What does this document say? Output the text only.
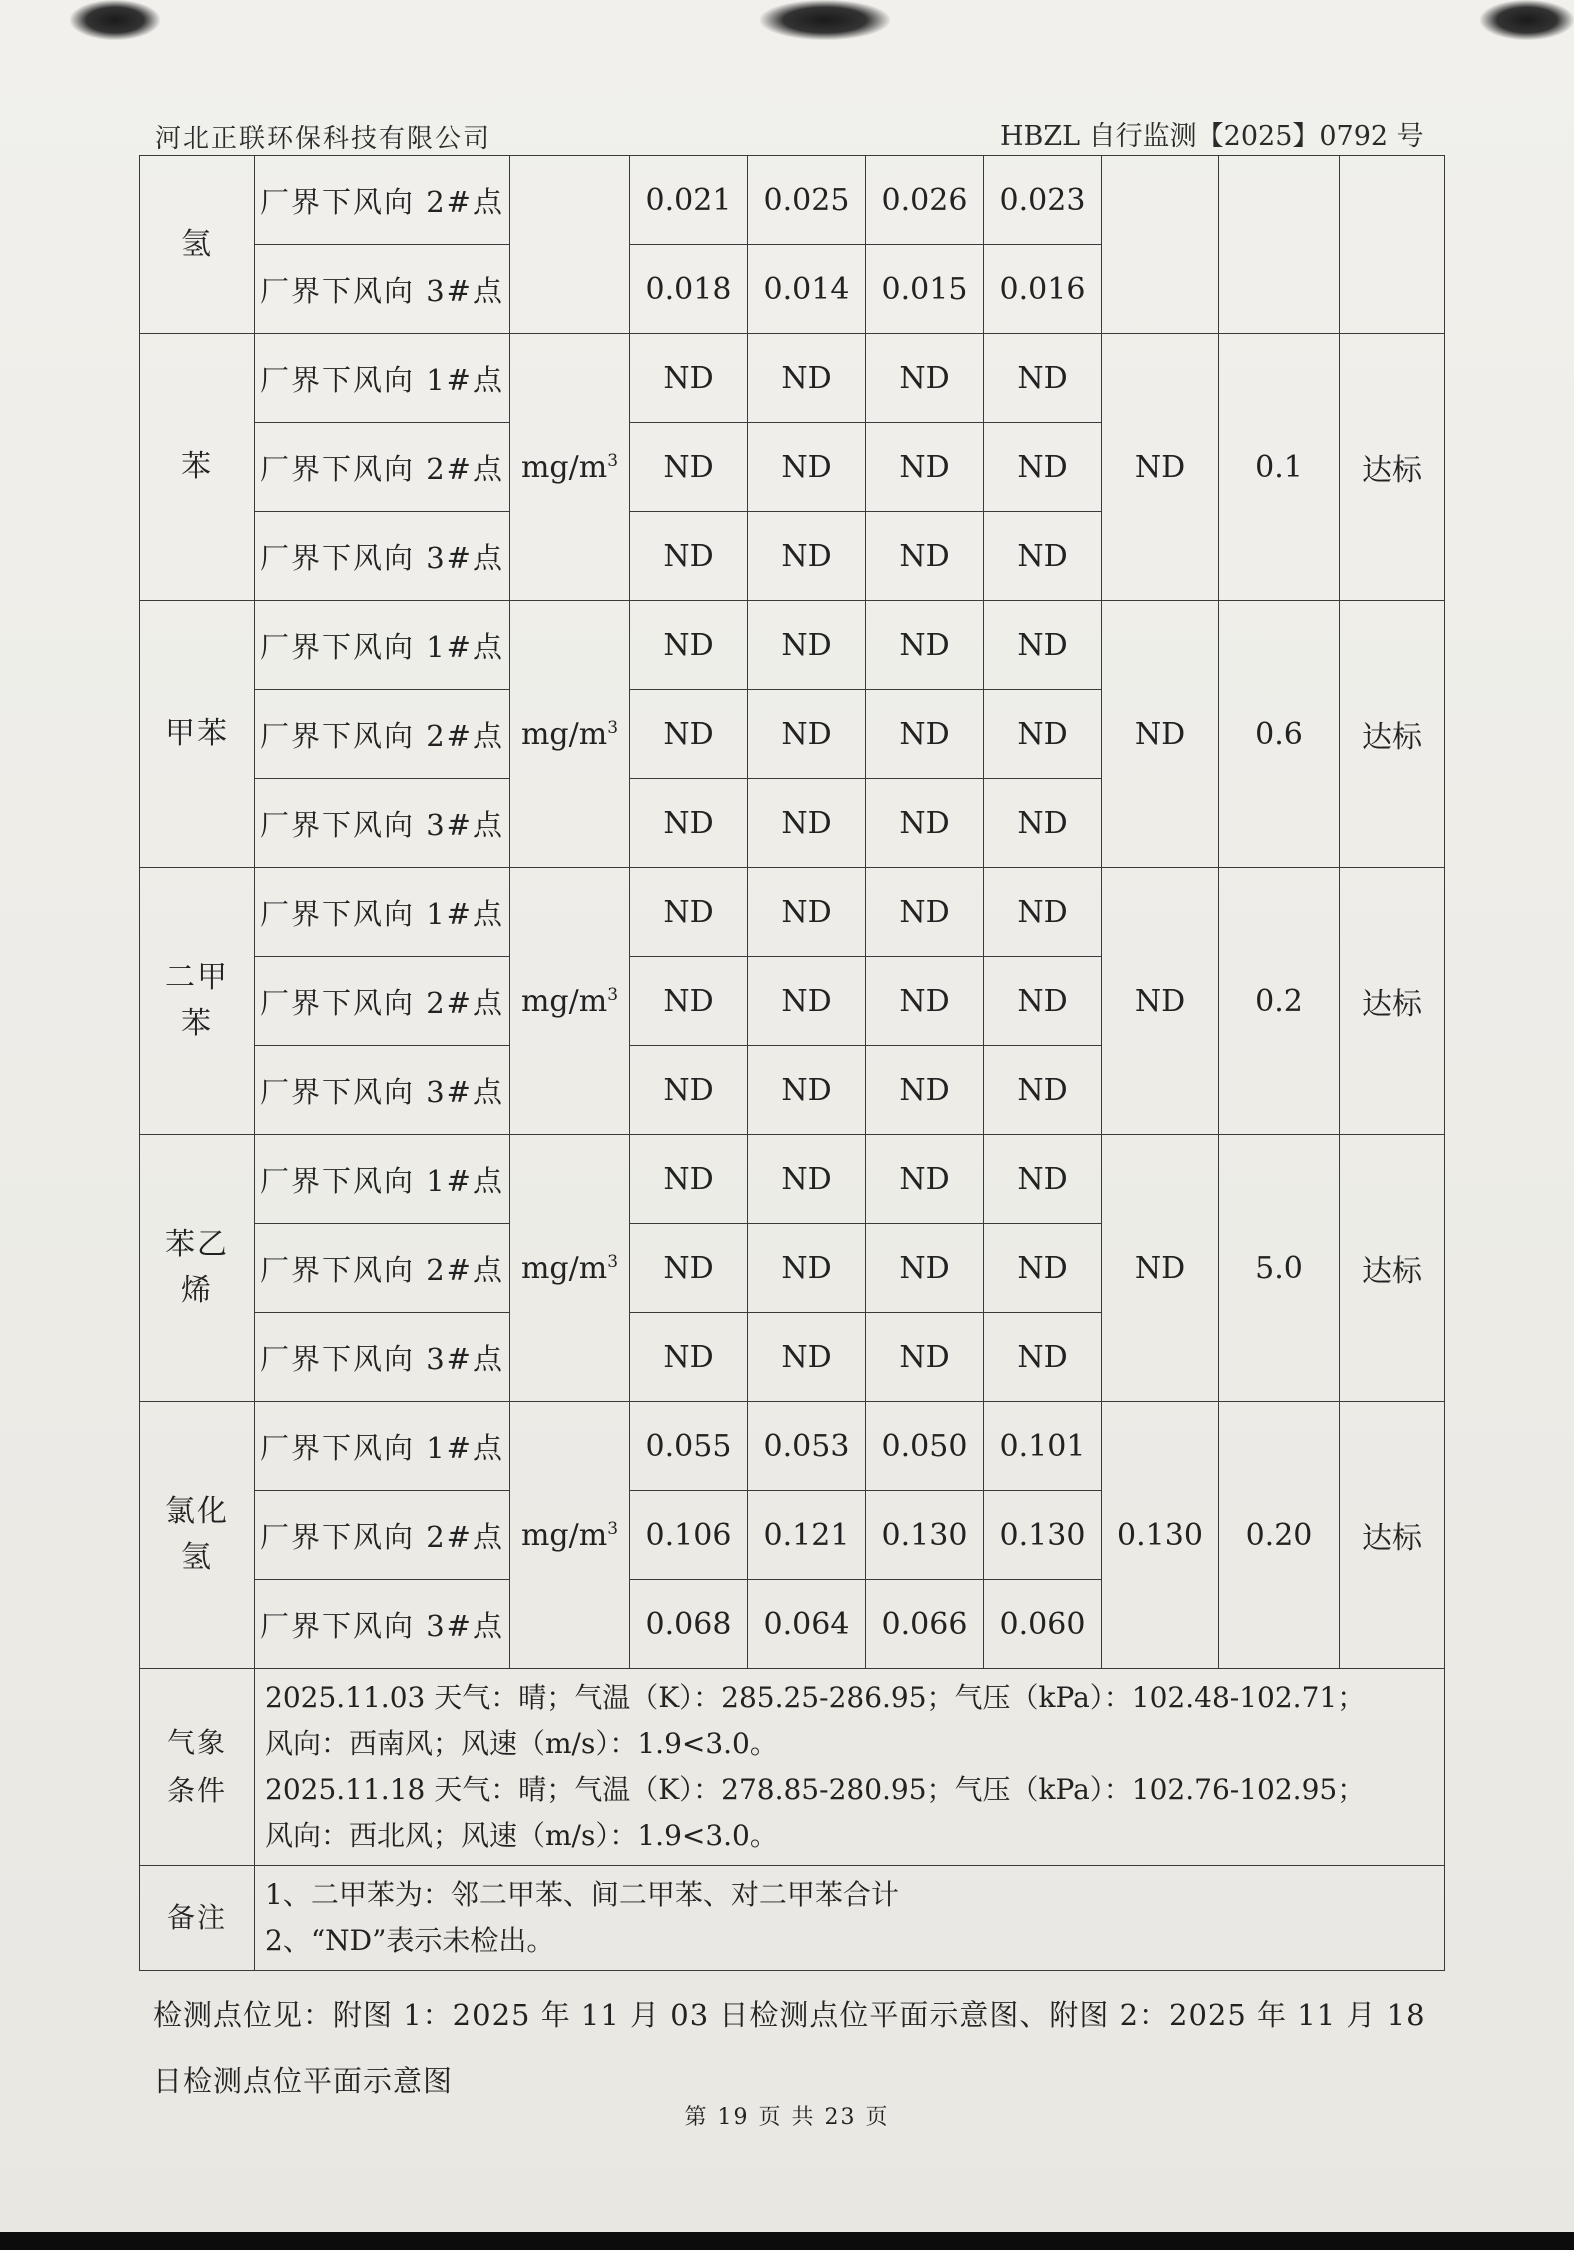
河北正联环保科技有限公司	HBZL 自行监测【2025】0792 号
氢	厂界下风向 2#点		0.021	0.025	0.026	0.023			
	厂界下风向 3#点		0.018	0.014	0.015	0.016			
苯	厂界下风向 1#点	$mg/m^3$	ND	ND	ND	ND	ND	0.1	达标
	厂界下风向 2#点		ND	ND	ND	ND			
	厂界下风向 3#点		ND	ND	ND	ND			
甲苯	厂界下风向 1#点	$mg/m^3$	ND	ND	ND	ND	ND	0.6	达标
	厂界下风向 2#点		ND	ND	ND	ND			
	厂界下风向 3#点		ND	ND	ND	ND			
二甲苯	厂界下风向 1#点	$mg/m^3$	ND	ND	ND	ND	ND	0.2	达标
	厂界下风向 2#点		ND	ND	ND	ND			
	厂界下风向 3#点		ND	ND	ND	ND			
苯乙烯	厂界下风向 1#点	$mg/m^3$	ND	ND	ND	ND	ND	5.0	达标
	厂界下风向 2#点		ND	ND	ND	ND			
	厂界下风向 3#点		ND	ND	ND	ND			
氯化氢	厂界下风向 1#点	$mg/m^3$	0.055	0.053	0.050	0.101	0.130	0.20	达标
	厂界下风向 2#点		0.106	0.121	0.130	0.130			
	厂界下风向 3#点		0.068	0.064	0.066	0.060			
气象条件	2025.11.03 天气：晴；气温（K）：285.25-286.95；气压（kPa）：102.48-102.71；
风向：西南风；风速（m/s）：1.9<3.0。
2025.11.18 天气：晴；气温（K）：278.85-280.95；气压（kPa）：102.76-102.95；
风向：西北风；风速（m/s）：1.9<3.0。								

备注	1、二甲苯为：邻二甲苯、间二甲苯、对二甲苯合计
2、“ND”表示未检出。								
检测点位见：附图 1：2025 年 11 月 03 日检测点位平面示意图、附图 2：2025 年 11 月 18 日检测点位平面示意图
第 19 页 共 23 页
